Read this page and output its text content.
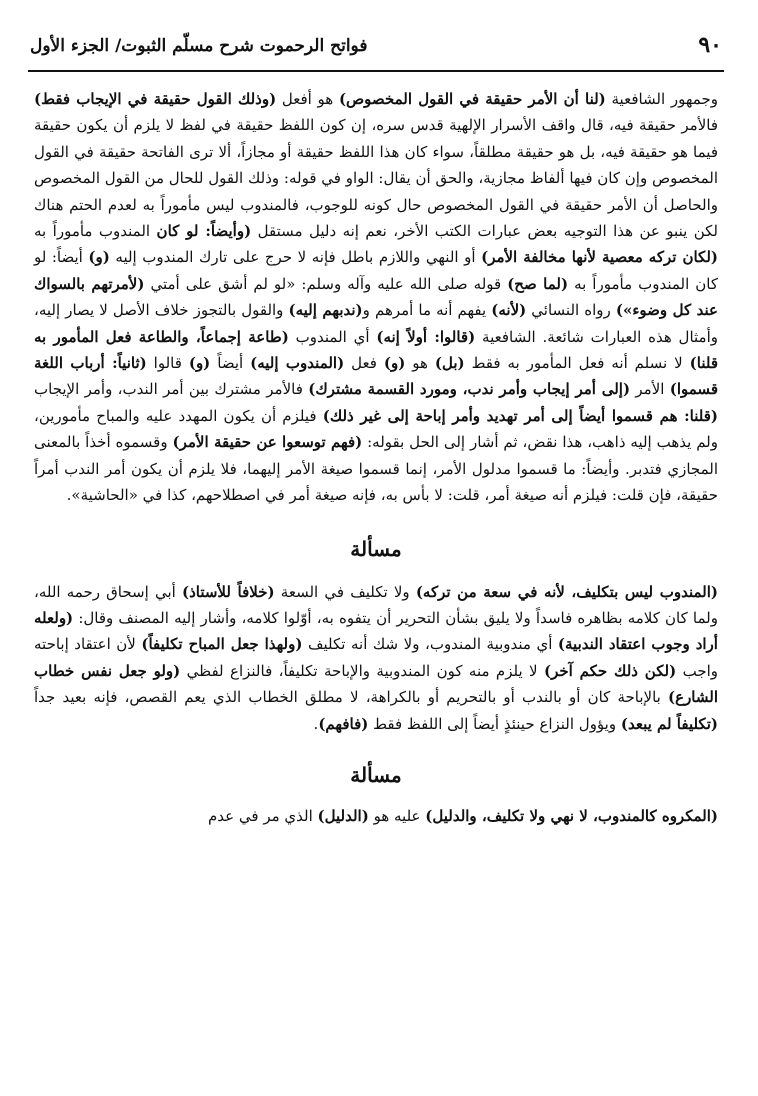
٩٠
فواتح الرحموت شرح مسلّم الثبوت/ الجزء الأول

وجمهور الشافعية (لنا أن الأمر حقيقة في القول المخصوص) هو أفعل (وذلك القول حقيقة في الإيجاب فقط) فالأمر حقيقة فيه، قال واقف الأسرار الإلهية قدس سره، إن كون اللفظ حقيقة في لفظ لا يلزم أن يكون حقيقة فيما هو حقيقة فيه، بل هو حقيقة مطلقاً، سواء كان هذا اللفظ حقيقة أو مجازاً، ألا ترى الفاتحة حقيقة في القول المخصوص وإن كان فيها ألفاظ مجازية، والحق أن يقال: الواو في قوله: وذلك القول للحال من القول المخصوص والحاصل أن الأمر حقيقة في القول المخصوص حال كونه للوجوب، فالمندوب ليس مأموراً به لعدم الحتم هناك لكن ينبو عن هذا التوجيه بعض عبارات الكتب الأخر، نعم إنه دليل مستقل (وأيضاً: لو كان المندوب مأموراً به (لكان تركه معصية لأنها مخالفة الأمر) أو النهي واللازم باطل فإنه لا حرج على تارك المندوب إليه (و) أيضاً: لو كان المندوب مأموراً به (لما صح) قوله صلى الله عليه وآله وسلم: «لو لم أشق على أمتي (لأمرتهم بالسواك عند كل وضوء») رواه النسائي (لأنه) يفهم أنه ما أمرهم و(ندبهم إليه) والقول بالتجوز خلاف الأصل لا يصار إليه، وأمثال هذه العبارات شائعة. الشافعية (قالوا: أولاً إنه) أي المندوب (طاعة إجماعاً، والطاعة فعل المأمور به قلنا) لا نسلم أنه فعل المأمور به فقط (بل) هو (و) فعل (المندوب إليه) أيضاً (و) قالوا (ثانياً: أرباب اللغة قسموا) الأمر (إلى أمر إيجاب وأمر ندب، ومورد القسمة مشترك) فالأمر مشترك بين أمر الندب، وأمر الإيجاب (قلنا: هم قسموا أيضاً إلى أمر تهديد وأمر إباحة إلى غير ذلك) فيلزم أن يكون المهدد عليه والمباح مأمورين، ولم يذهب إليه ذاهب، هذا نقض، ثم أشار إلى الحل بقوله: (فهم توسعوا عن حقيقة الأمر) وقسموه أخذاً بالمعنى المجازي فتدبر. وأيضاً: ما قسموا مدلول الأمر، إنما قسموا صيغة الأمر إليهما، فلا يلزم أن يكون أمر الندب أمراً حقيقة، فإن قلت: فيلزم أنه صيغة أمر، قلت: لا بأس به، فإنه صيغة أمر في اصطلاحهم، كذا في «الحاشية».

مسألة

(المندوب ليس بتكليف، لأنه في سعة من تركه) ولا تكليف في السعة (خلافاً للأستاذ) أبي إسحاق رحمه الله، ولما كان كلامه بظاهره فاسداً ولا يليق بشأن التحرير أن يتفوه به، أوّلوا كلامه، وأشار إليه المصنف وقال: (ولعله أراد وجوب اعتقاد الندبية) أي مندوبية المندوب، ولا شك أنه تكليف (ولهذا جعل المباح تكليفاً) لأن اعتقاد إباحته واجب (لكن ذلك حكم آخر) لا يلزم منه كون المندوبية والإباحة تكليفاً، فالنزاع لفظي (ولو جعل نفس خطاب الشارع) بالإباحة كان أو بالندب أو بالتحريم أو بالكراهة، لا مطلق الخطاب الذي يعم القصص، فإنه بعيد جداً (تكليفاً لم يبعد) ويؤول النزاع حينئذٍ أيضاً إلى اللفظ فقط (فافهم).

مسألة

(المكروه كالمندوب، لا نهي ولا تكليف، والدليل) عليه هو (الدليل) الذي مر في عدم
